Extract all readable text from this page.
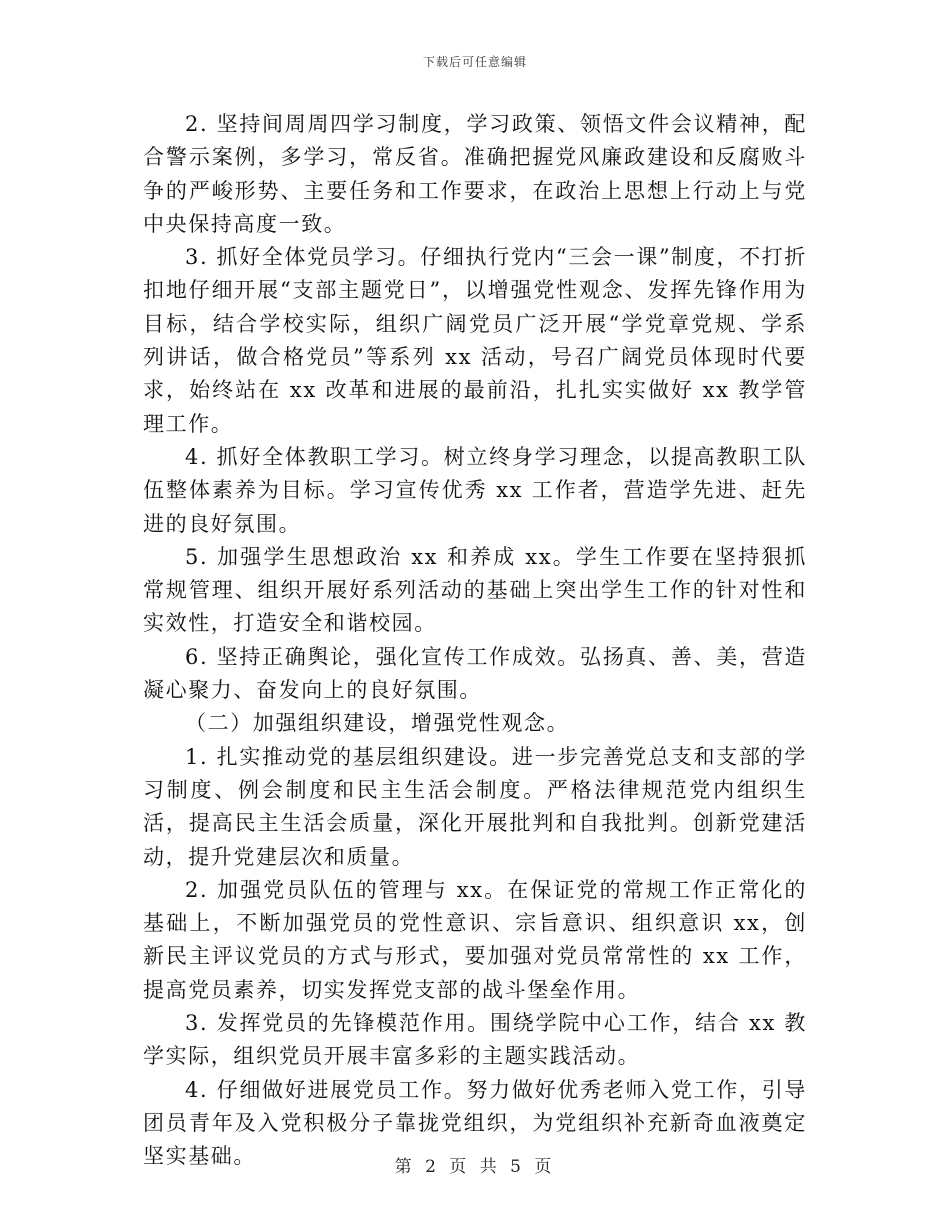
下载后可任意编辑

2. 坚持间周周四学习制度，学习政策、领悟文件会议精神，配合警示案例，多学习，常反省。准确把握党风廉政建设和反腐败斗争的严峻形势、主要任务和工作要求，在政治上思想上行动上与党中央保持高度一致。

3. 抓好全体党员学习。仔细执行党内“三会一课”制度，不打折扣地仔细开展“支部主题党日”，以增强党性观念、发挥先锋作用为目标，结合学校实际，组织广阔党员广泛开展“学党章党规、学系列讲话，做合格党员”等系列 xx 活动，号召广阔党员体现时代要求，始终站在 xx 改革和进展的最前沿，扎扎实实做好 xx 教学管理工作。

4. 抓好全体教职工学习。树立终身学习理念，以提高教职工队伍整体素养为目标。学习宣传优秀 xx 工作者，营造学先进、赶先进的良好氛围。

5. 加强学生思想政治 xx 和养成 xx。学生工作要在坚持狠抓常规管理、组织开展好系列活动的基础上突出学生工作的针对性和实效性，打造安全和谐校园。

6. 坚持正确舆论，强化宣传工作成效。弘扬真、善、美，营造凝心聚力、奋发向上的良好氛围。

（二）加强组织建设，增强党性观念。

1. 扎实推动党的基层组织建设。进一步完善党总支和支部的学习制度、例会制度和民主生活会制度。严格法律规范党内组织生活，提高民主生活会质量，深化开展批判和自我批判。创新党建活动，提升党建层次和质量。

2. 加强党员队伍的管理与 xx。在保证党的常规工作正常化的基础上，不断加强党员的党性意识、宗旨意识、组织意识 xx，创新民主评议党员的方式与形式，要加强对党员常常性的 xx 工作，提高党员素养，切实发挥党支部的战斗堡垒作用。

3. 发挥党员的先锋模范作用。围绕学院中心工作，结合 xx 教学实际，组织党员开展丰富多彩的主题实践活动。

4. 仔细做好进展党员工作。努力做好优秀老师入党工作，引导团员青年及入党积极分子靠拢党组织，为党组织补充新奇血液奠定坚实基础。	第 2 页 共 5 页
